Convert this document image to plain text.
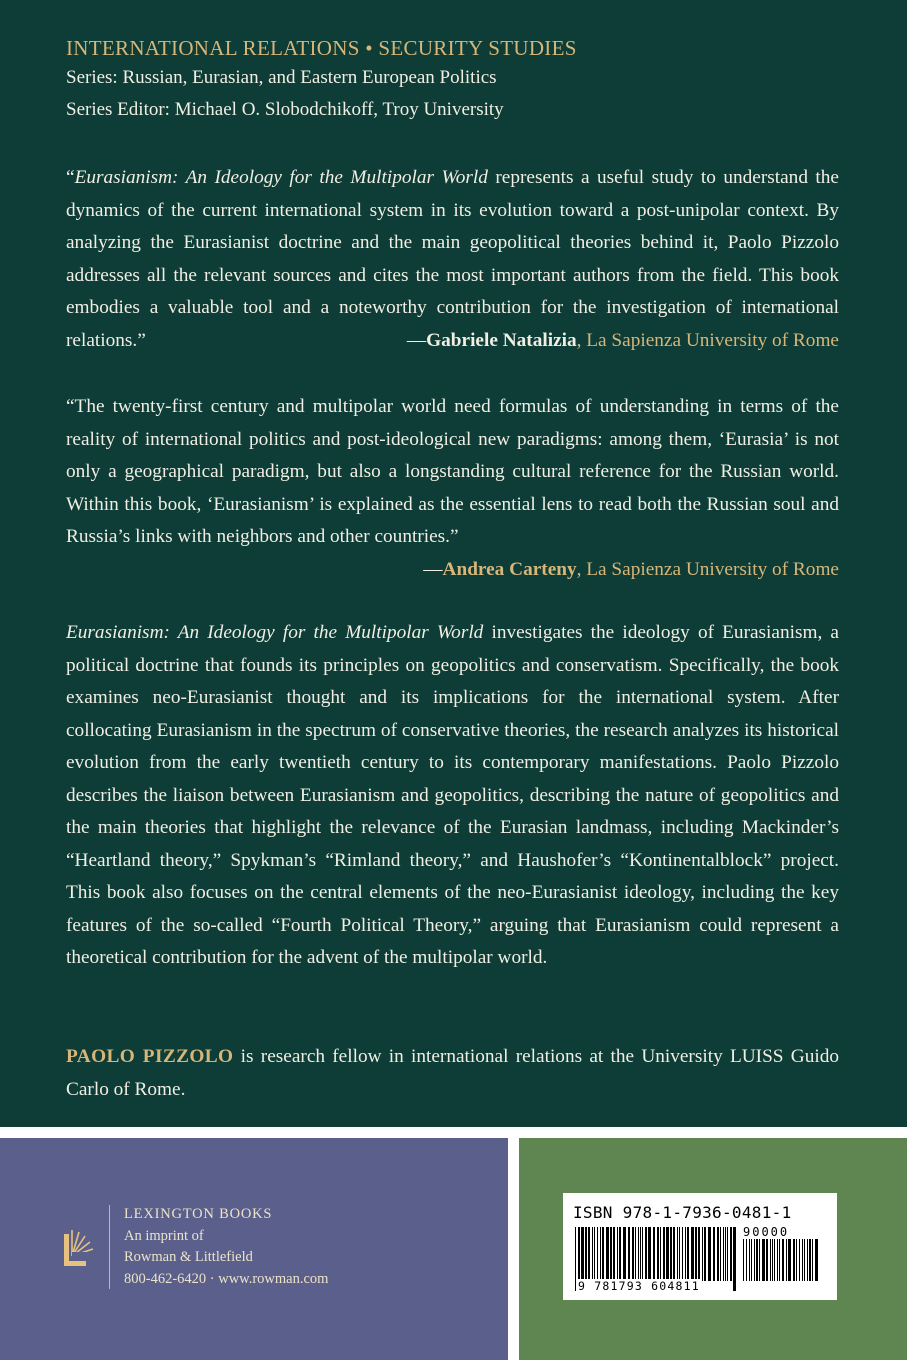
INTERNATIONAL RELATIONS • SECURITY STUDIES
Series: Russian, Eurasian, and Eastern European Politics
Series Editor: Michael O. Slobodchikoff, Troy University

“Eurasianism: An Ideology for the Multipolar World represents a useful study to understand the dynamics of the current international system in its evolution toward a post-unipolar context. By analyzing the Eurasianist doctrine and the main geopolitical theories behind it, Paolo Pizzolo addresses all the relevant sources and cites the most important authors from the field. This book embodies a valuable tool and a noteworthy contribution for the investigation of international relations.”	—Gabriele Natalizia, La Sapienza University of Rome

“The twenty-first century and multipolar world need formulas of understanding in terms of the reality of international politics and post-ideological new paradigms: among them, ‘Eurasia’ is not only a geographical paradigm, but also a longstanding cultural reference for the Russian world. Within this book, ‘Eurasianism’ is explained as the essential lens to read both the Russian soul and Russia’s links with neighbors and other countries.”

—Andrea Carteny, La Sapienza University of Rome

Eurasianism: An Ideology for the Multipolar World investigates the ideology of Eurasianism, a political doctrine that founds its principles on geopolitics and conservatism. Specifically, the book examines neo-Eurasianist thought and its implications for the international system. After collocating Eurasianism in the spectrum of conservative theories, the research analyzes its historical evolution from the early twentieth century to its contemporary manifestations. Paolo Pizzolo describes the liaison between Eurasianism and geopolitics, describing the nature of geopolitics and the main theories that highlight the relevance of the Eurasian landmass, including Mackinder’s “Heartland theory,” Spykman’s “Rimland theory,” and Haushofer’s “Kontinentalblock” project. This book also focuses on the central elements of the neo-Eurasianist ideology, including the key features of the so-called “Fourth Political Theory,” arguing that Eurasianism could represent a theoretical contribution for the advent of the multipolar world.

PAOLO PIZZOLO is research fellow in international relations at the University LUISS Guido Carlo of Rome.

LEXINGTON BOOKS
An imprint of
Rowman & Littlefield
800-462-6420 · www.rowman.com
ISBN 978-1-7936-0481-1
90000
9 781793 604811
